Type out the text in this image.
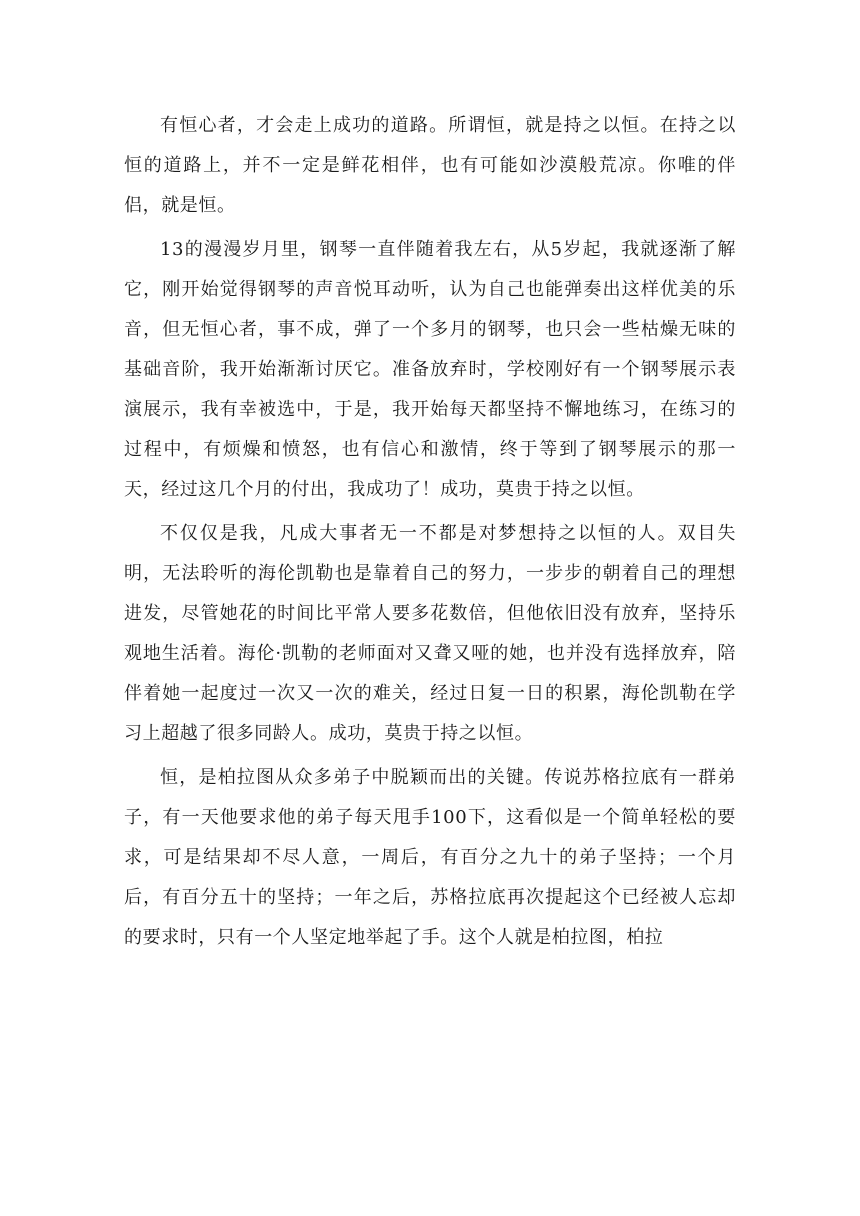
有恒心者，才会走上成功的道路。所谓恒，就是持之以恒。在持之以恒的道路上，并不一定是鲜花相伴，也有可能如沙漠般荒凉。你唯的伴侣，就是恒。

13的漫漫岁月里，钢琴一直伴随着我左右，从5岁起，我就逐渐了解它，刚开始觉得钢琴的声音悦耳动听，认为自己也能弹奏出这样优美的乐音，但无恒心者，事不成，弹了一个多月的钢琴，也只会一些枯燥无味的基础音阶，我开始渐渐讨厌它。准备放弃时，学校刚好有一个钢琴展示表演展示，我有幸被选中，于是，我开始每天都坚持不懈地练习，在练习的过程中，有烦燥和愤怒，也有信心和激情，终于等到了钢琴展示的那一天，经过这几个月的付出，我成功了！成功，莫贵于持之以恒。

不仅仅是我，凡成大事者无一不都是对梦想持之以恒的人。双目失明，无法聆听的海伦凯勒也是靠着自己的努力，一步步的朝着自己的理想进发，尽管她花的时间比平常人要多花数倍，但他依旧没有放弃，坚持乐观地生活着。海伦·凯勒的老师面对又聋又哑的她，也并没有选择放弃，陪伴着她一起度过一次又一次的难关，经过日复一日的积累，海伦凯勒在学习上超越了很多同龄人。成功，莫贵于持之以恒。

恒，是柏拉图从众多弟子中脱颖而出的关键。传说苏格拉底有一群弟子，有一天他要求他的弟子每天甩手100下，这看似是一个简单轻松的要求，可是结果却不尽人意，一周后，有百分之九十的弟子坚持；一个月后，有百分五十的坚持；一年之后，苏格拉底再次提起这个已经被人忘却的要求时，只有一个人坚定地举起了手。这个人就是柏拉图，柏拉
